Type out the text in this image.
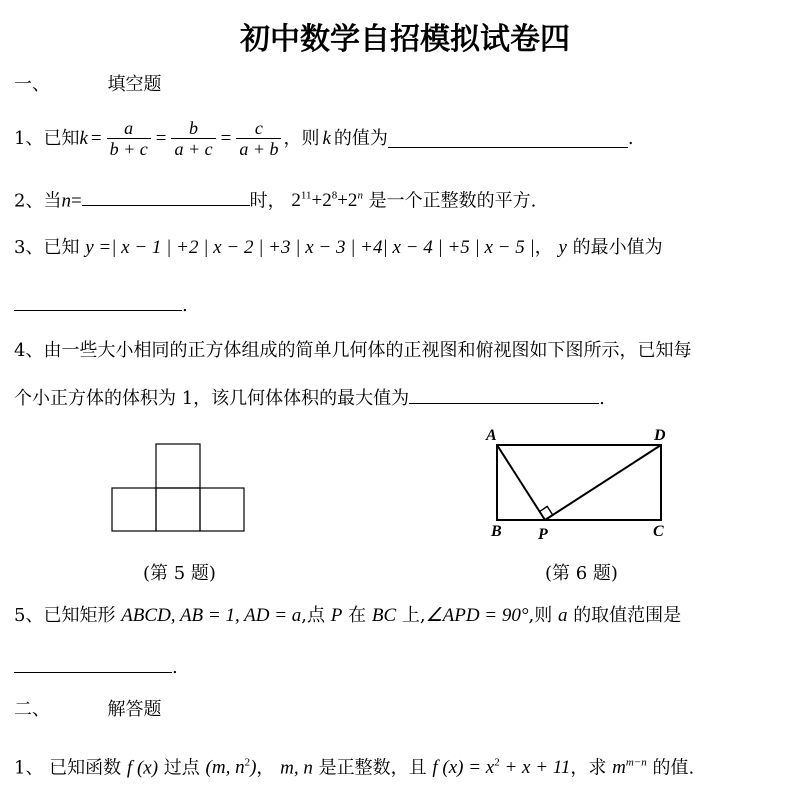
初中数学自招模拟试卷四
一、	填空题
1、已知 $k = \frac{a}{b + c} = \frac{b}{a + c} = \frac{c}{a + b}$ ，则 k 的值为	.
2、当n=	时， $2^{11}+2^8+2^n$ 是一个正整数的平方.
3、已知 y =| x − 1 | +2 | x − 2 | +3 | x − 3 | +4| x − 4 | +5 | x − 5 |， y 的最小值为
.
4、由一些大小相同的正方体组成的简单几何体的正视图和俯视图如下图所示，已知每
个小正方体的体积为 1，该几何体体积的最大值为	.
(第 5 题)
A	D
B P	C
(第 6 题)
5、已知矩形 ABCD, AB = 1, AD = a,点 P 在 BC 上,∠APD = 90°,则 a 的取值范围是
.
二、	解答题
1、 已知函数 f (x) 过点 (m, $n^2$)， m, n 是正整数，且 f $(x) = x^2 + x + 11$，求 $m^{m-n}$ 的值.
